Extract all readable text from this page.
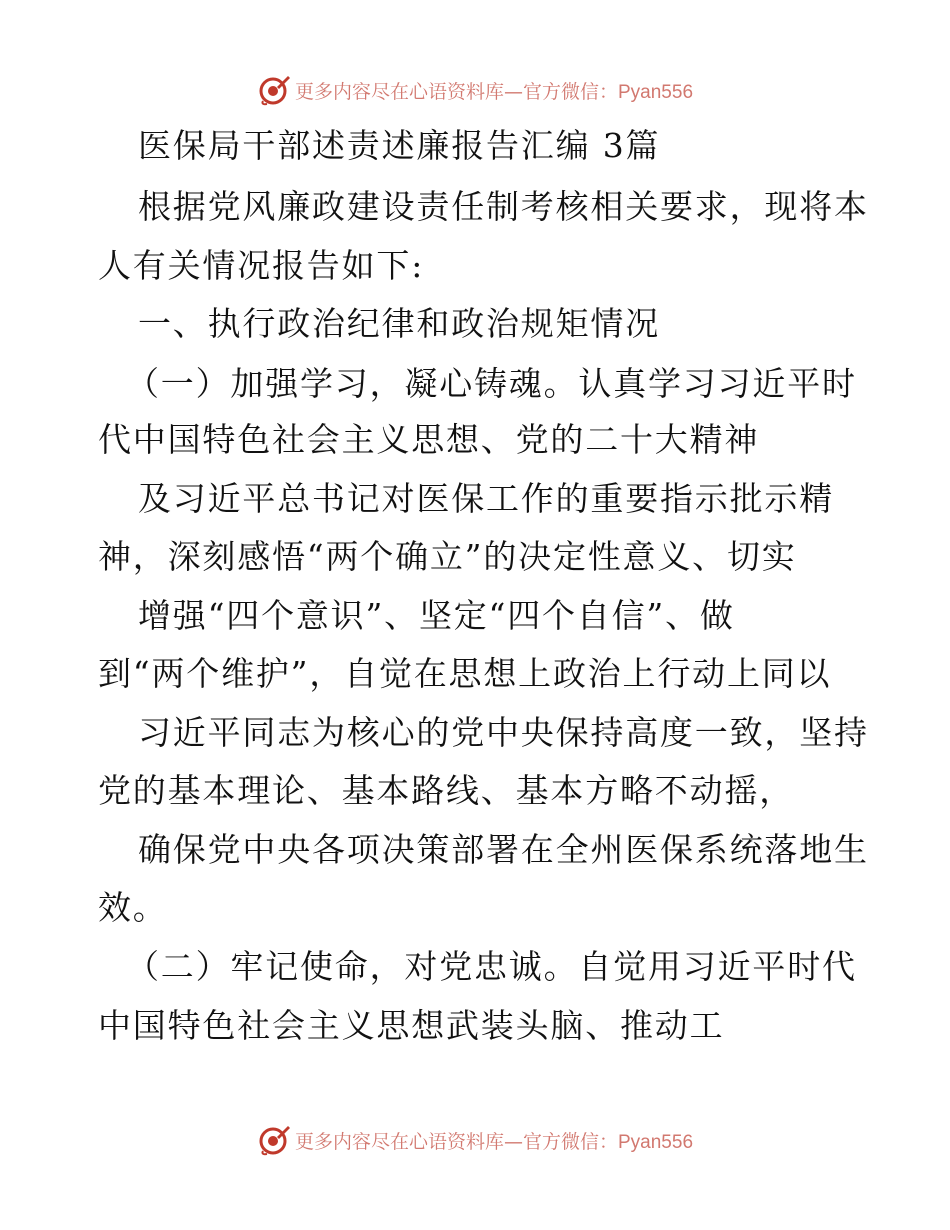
更多内容尽在心语资料库—官方微信：Pyan556
医保局干部述责述廉报告汇编 3篇
根据党风廉政建设责任制考核相关要求，现将本
人有关情况报告如下:
一、执行政治纪律和政治规矩情况
（一）加强学习，凝心铸魂。认真学习习近平时
代中国特色社会主义思想、党的二十大精神
及习近平总书记对医保工作的重要指示批示精
神，深刻感悟“两个确立”的决定性意义、切实
增强“四个意识”、坚定“四个自信”、做
到“两个维护”，自觉在思想上政治上行动上同以
习近平同志为核心的党中央保持高度一致，坚持
党的基本理论、基本路线、基本方略不动摇，
确保党中央各项决策部署在全州医保系统落地生
效。
（二）牢记使命，对党忠诚。自觉用习近平时代
中国特色社会主义思想武装头脑、推动工
更多内容尽在心语资料库—官方微信：Pyan556
